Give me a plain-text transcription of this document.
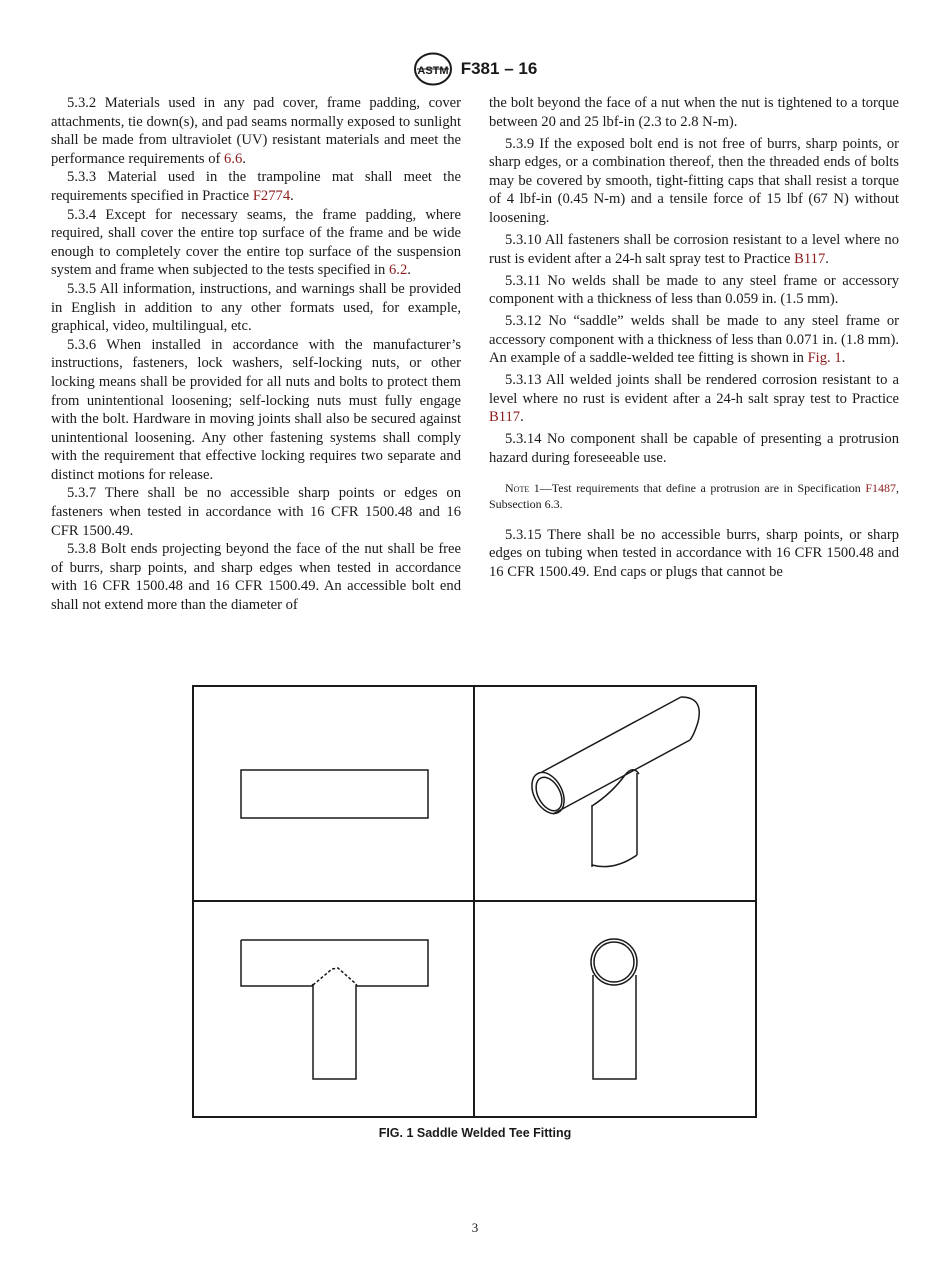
ASTM F381 – 16

5.3.2 Materials used in any pad cover, frame padding, cover attachments, tie down(s), and pad seams normally exposed to sunlight shall be made from ultraviolet (UV) resistant materials and meet the performance requirements of 6.6.

5.3.3 Material used in the trampoline mat shall meet the requirements specified in Practice F2774.

5.3.4 Except for necessary seams, the frame padding, where required, shall cover the entire top surface of the frame and be wide enough to completely cover the entire top surface of the suspension system and frame when subjected to the tests specified in 6.2.

5.3.5 All information, instructions, and warnings shall be provided in English in addition to any other formats used, for example, graphical, video, multilingual, etc.

5.3.6 When installed in accordance with the manufacturer’s instructions, fasteners, lock washers, self-locking nuts, or other locking means shall be provided for all nuts and bolts to protect them from unintentional loosening; self-locking nuts must fully engage with the bolt. Hardware in moving joints shall also be secured against unintentional loosening. Any other fastening systems shall comply with the requirement that effective locking requires two separate and distinct motions for release.

5.3.7 There shall be no accessible sharp points or edges on fasteners when tested in accordance with 16 CFR 1500.48 and 16 CFR 1500.49.

5.3.8 Bolt ends projecting beyond the face of the nut shall be free of burrs, sharp points, and sharp edges when tested in accordance with 16 CFR 1500.48 and 16 CFR 1500.49. An accessible bolt end shall not extend more than the diameter of

the bolt beyond the face of a nut when the nut is tightened to a torque between 20 and 25 lbf-in (2.3 to 2.8 N-m).

5.3.9 If the exposed bolt end is not free of burrs, sharp points, or sharp edges, or a combination thereof, then the threaded ends of bolts may be covered by smooth, tight-fitting caps that shall resist a torque of 4 lbf-in (0.45 N-m) and a tensile force of 15 lbf (67 N) without loosening.

5.3.10 All fasteners shall be corrosion resistant to a level where no rust is evident after a 24-h salt spray test to Practice B117.

5.3.11 No welds shall be made to any steel frame or accessory component with a thickness of less than 0.059 in. (1.5 mm).

5.3.12 No “saddle” welds shall be made to any steel frame or accessory component with a thickness of less than 0.071 in. (1.8 mm). An example of a saddle-welded tee fitting is shown in Fig. 1.

5.3.13 All welded joints shall be rendered corrosion resistant to a level where no rust is evident after a 24-h salt spray test to Practice B117.

5.3.14 No component shall be capable of presenting a protrusion hazard during foreseeable use.

Note 1—Test requirements that define a protrusion are in Specification F1487, Subsection 6.3.

5.3.15 There shall be no accessible burrs, sharp points, or sharp edges on tubing when tested in accordance with 16 CFR 1500.48 and 16 CFR 1500.49. End caps or plugs that cannot be

FIG. 1 Saddle Welded Tee Fitting
3
